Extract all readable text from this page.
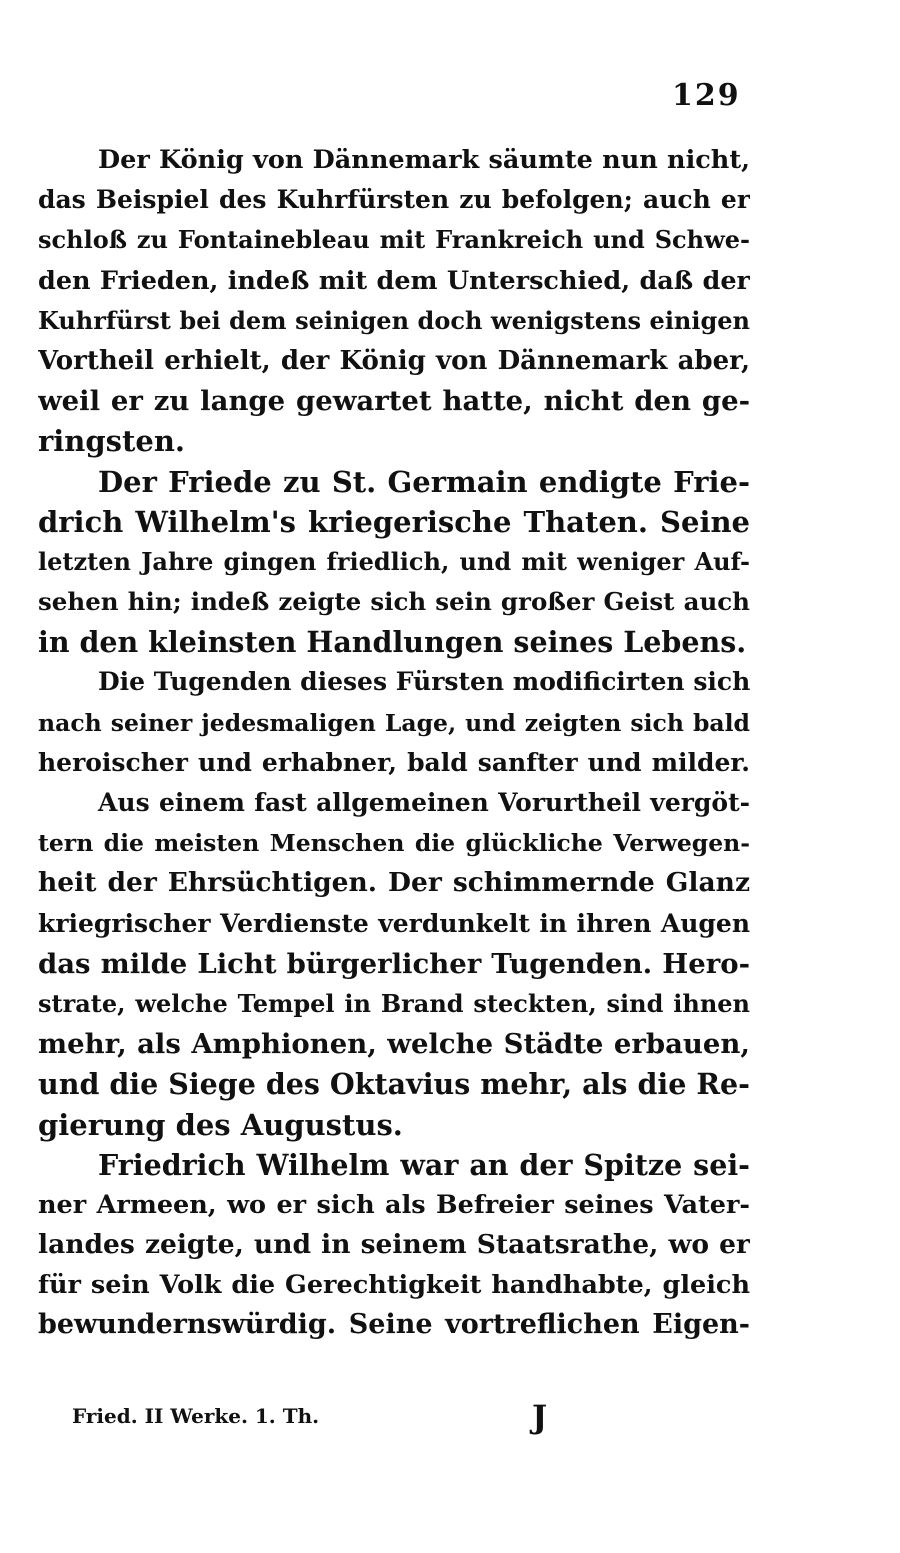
129
Der König von Dännemark säumte nun nicht,
das Beispiel des Kuhrfürsten zu befolgen; auch er
schloß zu Fontainebleau mit Frankreich und Schwe-
den Frieden, indeß mit dem Unterschied, daß der
Kuhrfürst bei dem seinigen doch wenigstens einigen
Vortheil erhielt, der König von Dännemark aber,
weil er zu lange gewartet hatte, nicht den ge-
ringsten.
Der Friede zu St. Germain endigte Frie-
drich Wilhelm's kriegerische Thaten. Seine
letzten Jahre gingen friedlich, und mit weniger Auf-
sehen hin; indeß zeigte sich sein großer Geist auch
in den kleinsten Handlungen seines Lebens.
Die Tugenden dieses Fürsten modificirten sich
nach seiner jedesmaligen Lage, und zeigten sich bald
heroischer und erhabner, bald sanfter und milder.
Aus einem fast allgemeinen Vorurtheil vergöt-
tern die meisten Menschen die glückliche Verwegen-
heit der Ehrsüchtigen. Der schimmernde Glanz
kriegrischer Verdienste verdunkelt in ihren Augen
das milde Licht bürgerlicher Tugenden. Hero-
strate, welche Tempel in Brand steckten, sind ihnen
mehr, als Amphionen, welche Städte erbauen,
und die Siege des Oktavius mehr, als die Re-
gierung des Augustus.
Friedrich Wilhelm war an der Spitze sei-
ner Armeen, wo er sich als Befreier seines Vater-
landes zeigte, und in seinem Staatsrathe, wo er
für sein Volk die Gerechtigkeit handhabte, gleich
bewundernswürdig. Seine vortreflichen Eigen-
Fried. II Werke. 1. Th.	J
